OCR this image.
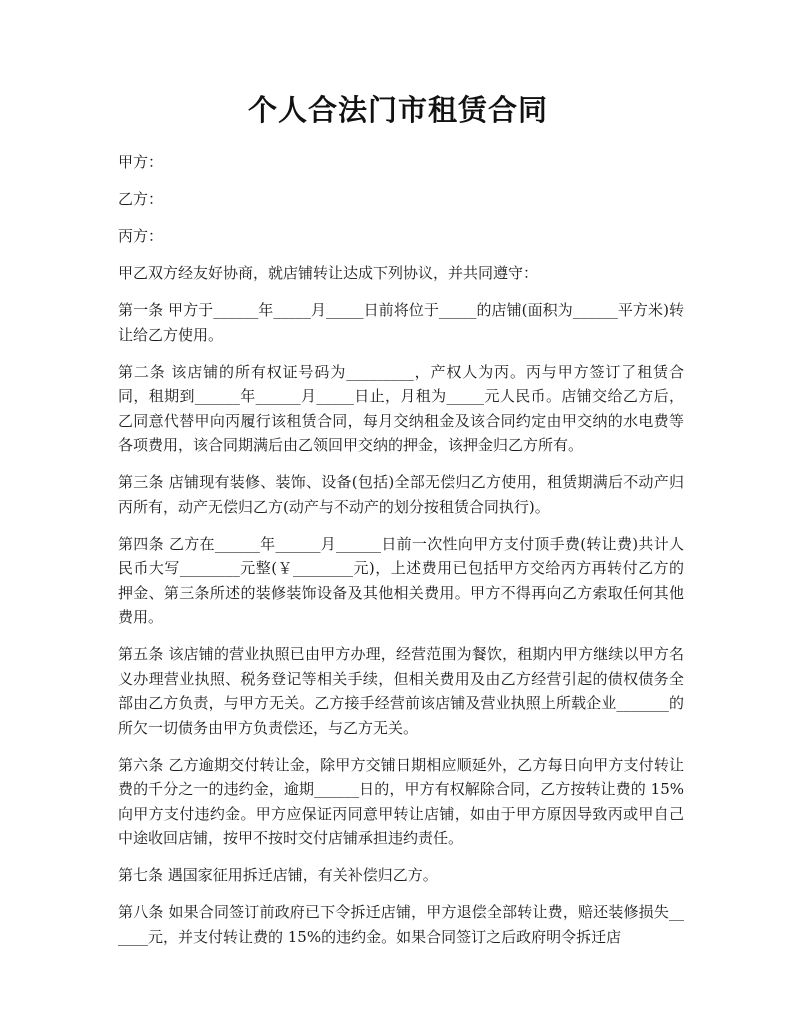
个人合法门市租赁合同

甲方：

乙方：

丙方：

甲乙双方经友好协商，就店铺转让达成下列协议，并共同遵守：

第一条 甲方于______年_____月_____日前将位于_____的店铺(面积为______平方米)转让给乙方使用。

第二条 该店铺的所有权证号码为_________，产权人为丙。丙与甲方签订了租赁合同，租期到______年______月_____日止，月租为_____元人民币。店铺交给乙方后，乙同意代替甲向丙履行该租赁合同，每月交纳租金及该合同约定由甲交纳的水电费等各项费用，该合同期满后由乙领回甲交纳的押金，该押金归乙方所有。

第三条 店铺现有装修、装饰、设备(包括)全部无偿归乙方使用，租赁期满后不动产归丙所有，动产无偿归乙方(动产与不动产的划分按租赁合同执行)。

第四条 乙方在______年______月______日前一次性向甲方支付顶手费(转让费)共计人民币大写________元整(￥________元)，上述费用已包括甲方交给丙方再转付乙方的押金、第三条所述的装修装饰设备及其他相关费用。甲方不得再向乙方索取任何其他费用。

第五条 该店铺的营业执照已由甲方办理，经营范围为餐饮，租期内甲方继续以甲方名义办理营业执照、税务登记等相关手续，但相关费用及由乙方经营引起的债权债务全部由乙方负责，与甲方无关。乙方接手经营前该店铺及营业执照上所载企业_______的所欠一切债务由甲方负责偿还，与乙方无关。

第六条 乙方逾期交付转让金，除甲方交铺日期相应顺延外，乙方每日向甲方支付转让费的千分之一的违约金，逾期______日的，甲方有权解除合同，乙方按转让费的 15%向甲方支付违约金。甲方应保证丙同意甲转让店铺，如由于甲方原因导致丙或甲自己中途收回店铺，按甲不按时交付店铺承担违约责任。

第七条 遇国家征用拆迁店铺，有关补偿归乙方。

第八条 如果合同签订前政府已下令拆迁店铺，甲方退偿全部转让费，赔还装修损失______元，并支付转让费的 15%的违约金。如果合同签订之后政府明令拆迁店
